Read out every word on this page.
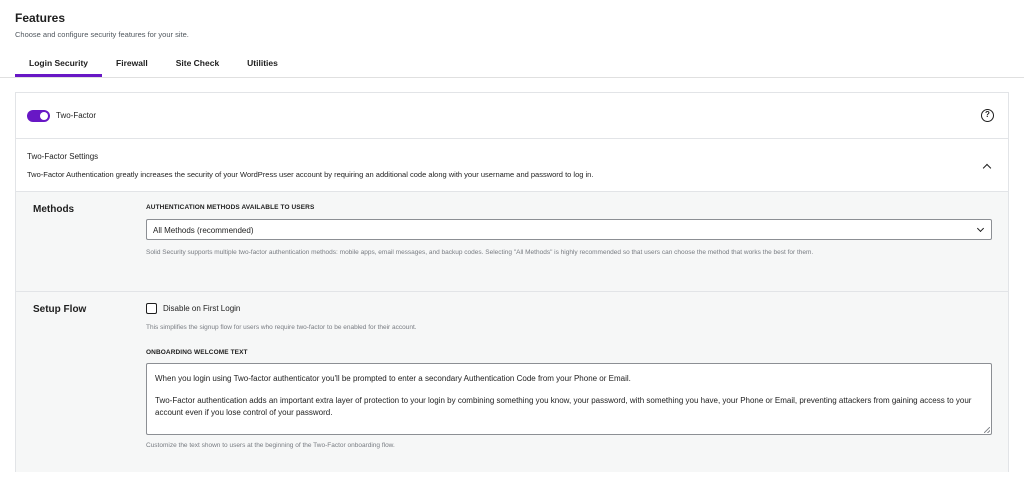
Features
Choose and configure security features for your site.
Login Security	Firewall	Site Check	Utilities
Two-Factor	?
Two-Factor Settings
Two-Factor Authentication greatly increases the security of your WordPress user account by requiring an additional code along with your username and password to log in.
Methods	AUTHENTICATION METHODS AVAILABLE TO USERS
All Methods (recommended)
Solid Security supports multiple two-factor authentication methods: mobile apps, email messages, and backup codes. Selecting "All Methods" is highly recommended so that users can choose the method that works the best for them.
Setup Flow	Disable on First Login
This simplifies the signup flow for users who require two-factor to be enabled for their account.
ONBOARDING WELCOME TEXT

When you login using Two-factor authenticator you'll be prompted to enter a secondary Authentication Code from your Phone or Email.

Two-Factor authentication adds an important extra layer of protection to your login by combining something you know, your password, with something you have, your Phone or Email, preventing attackers from gaining access to your account even if you lose control of your password.

Customize the text shown to users at the beginning of the Two-Factor onboarding flow.
